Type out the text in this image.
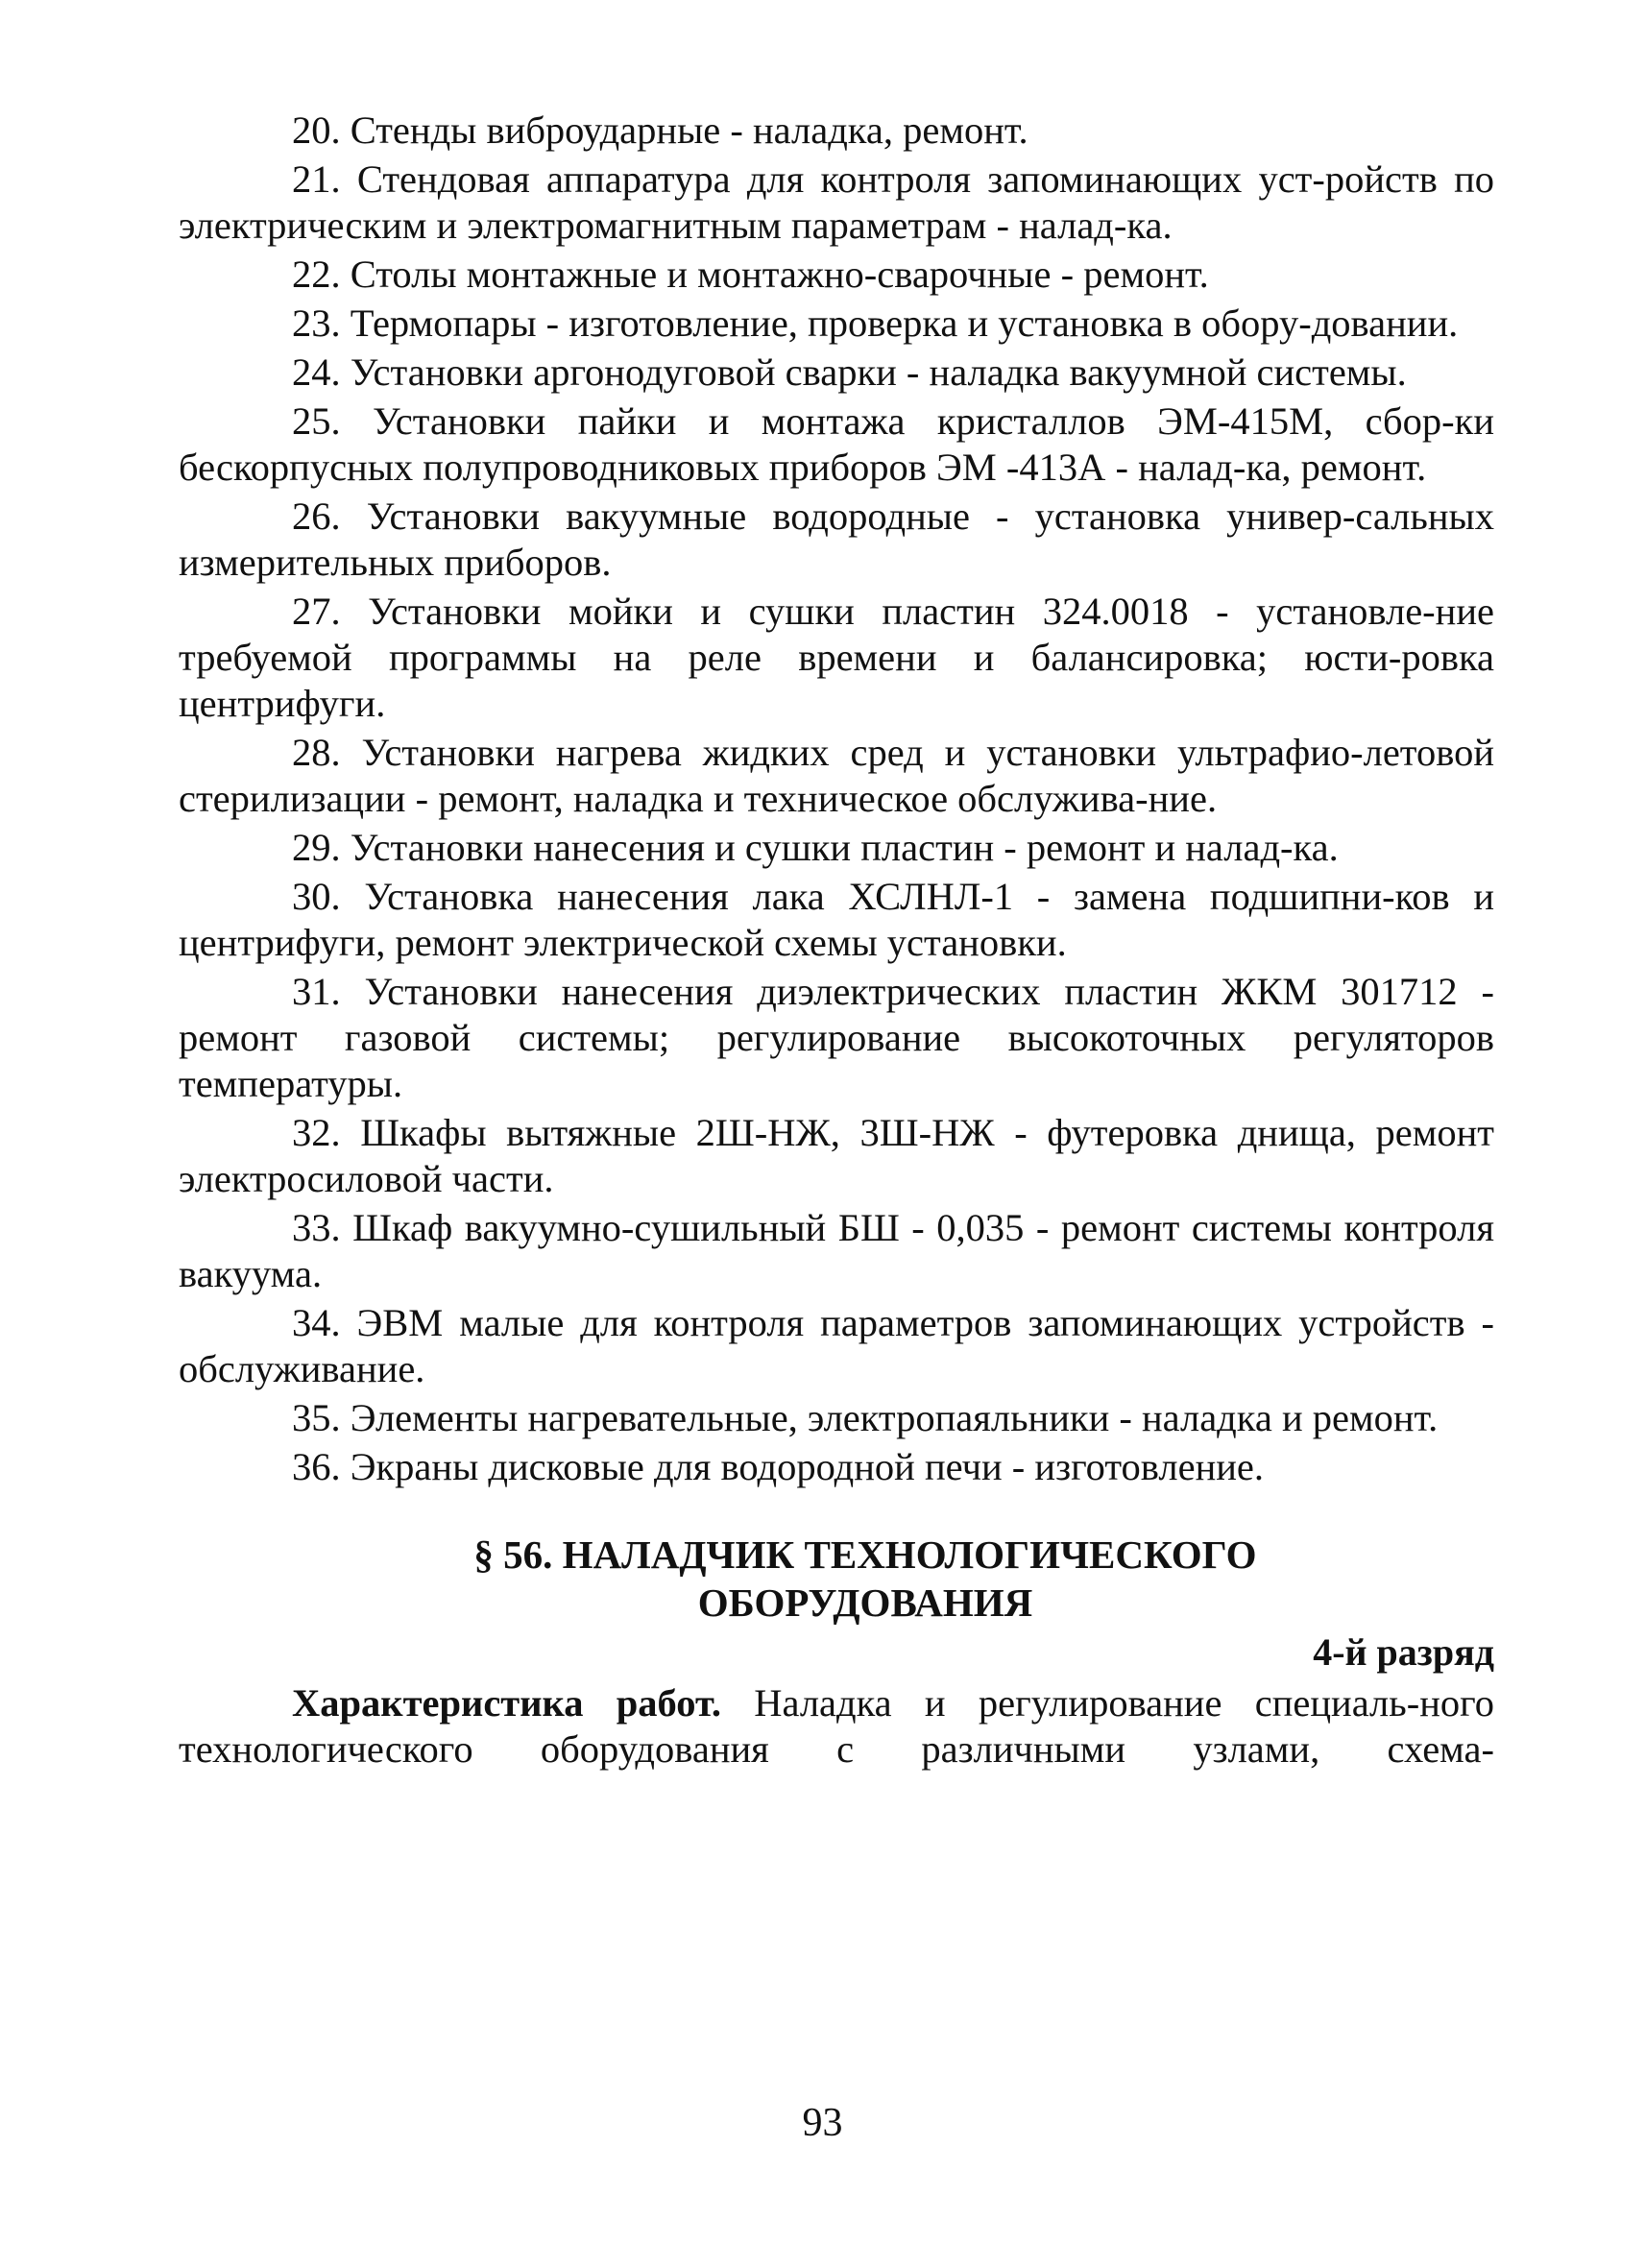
20. Стенды виброударные - наладка, ремонт.
21. Стендовая аппаратура для контроля запоминающих уст-ройств по электрическим и электромагнитным параметрам - налад-ка.
22. Столы монтажные и монтажно-сварочные - ремонт.
23. Термопары - изготовление, проверка и установка в обору-довании.
24. Установки аргонодуговой сварки - наладка вакуумной системы.
25. Установки пайки и монтажа кристаллов ЭМ-415М, сбор-ки бескорпусных полупроводниковых приборов ЭМ -413А - налад-ка, ремонт.
26. Установки вакуумные водородные - установка универ-сальных измерительных приборов.
27. Установки мойки и сушки пластин 324.0018 - установле-ние требуемой программы на реле времени и балансировка; юсти-ровка центрифуги.
28. Установки нагрева жидких сред и установки ультрафио-летовой стерилизации - ремонт, наладка и техническое обслужива-ние.
29. Установки нанесения и сушки пластин - ремонт и налад-ка.
30. Установка нанесения лака ХСЛНЛ-1 - замена подшипни-ков и центрифуги, ремонт электрической схемы установки.
31. Установки нанесения диэлектрических пластин ЖКМ 301712 - ремонт газовой системы; регулирование высокоточных регуляторов температуры.
32. Шкафы вытяжные 2Ш-НЖ, 3Ш-НЖ - футеровка днища, ремонт электросиловой части.
33. Шкаф вакуумно-сушильный БШ - 0,035 - ремонт системы контроля вакуума.
34. ЭВМ малые для контроля параметров запоминающих устройств - обслуживание.
35. Элементы нагревательные, электропаяльники - наладка и ремонт.
36. Экраны дисковые для водородной печи - изготовление.
§ 56. НАЛАДЧИК ТЕХНОЛОГИЧЕСКОГО
ОБОРУДОВАНИЯ
4-й разряд

Характеристика работ. Наладка и регулирование специаль-ного технологического оборудования с различными узлами, схема-

93
